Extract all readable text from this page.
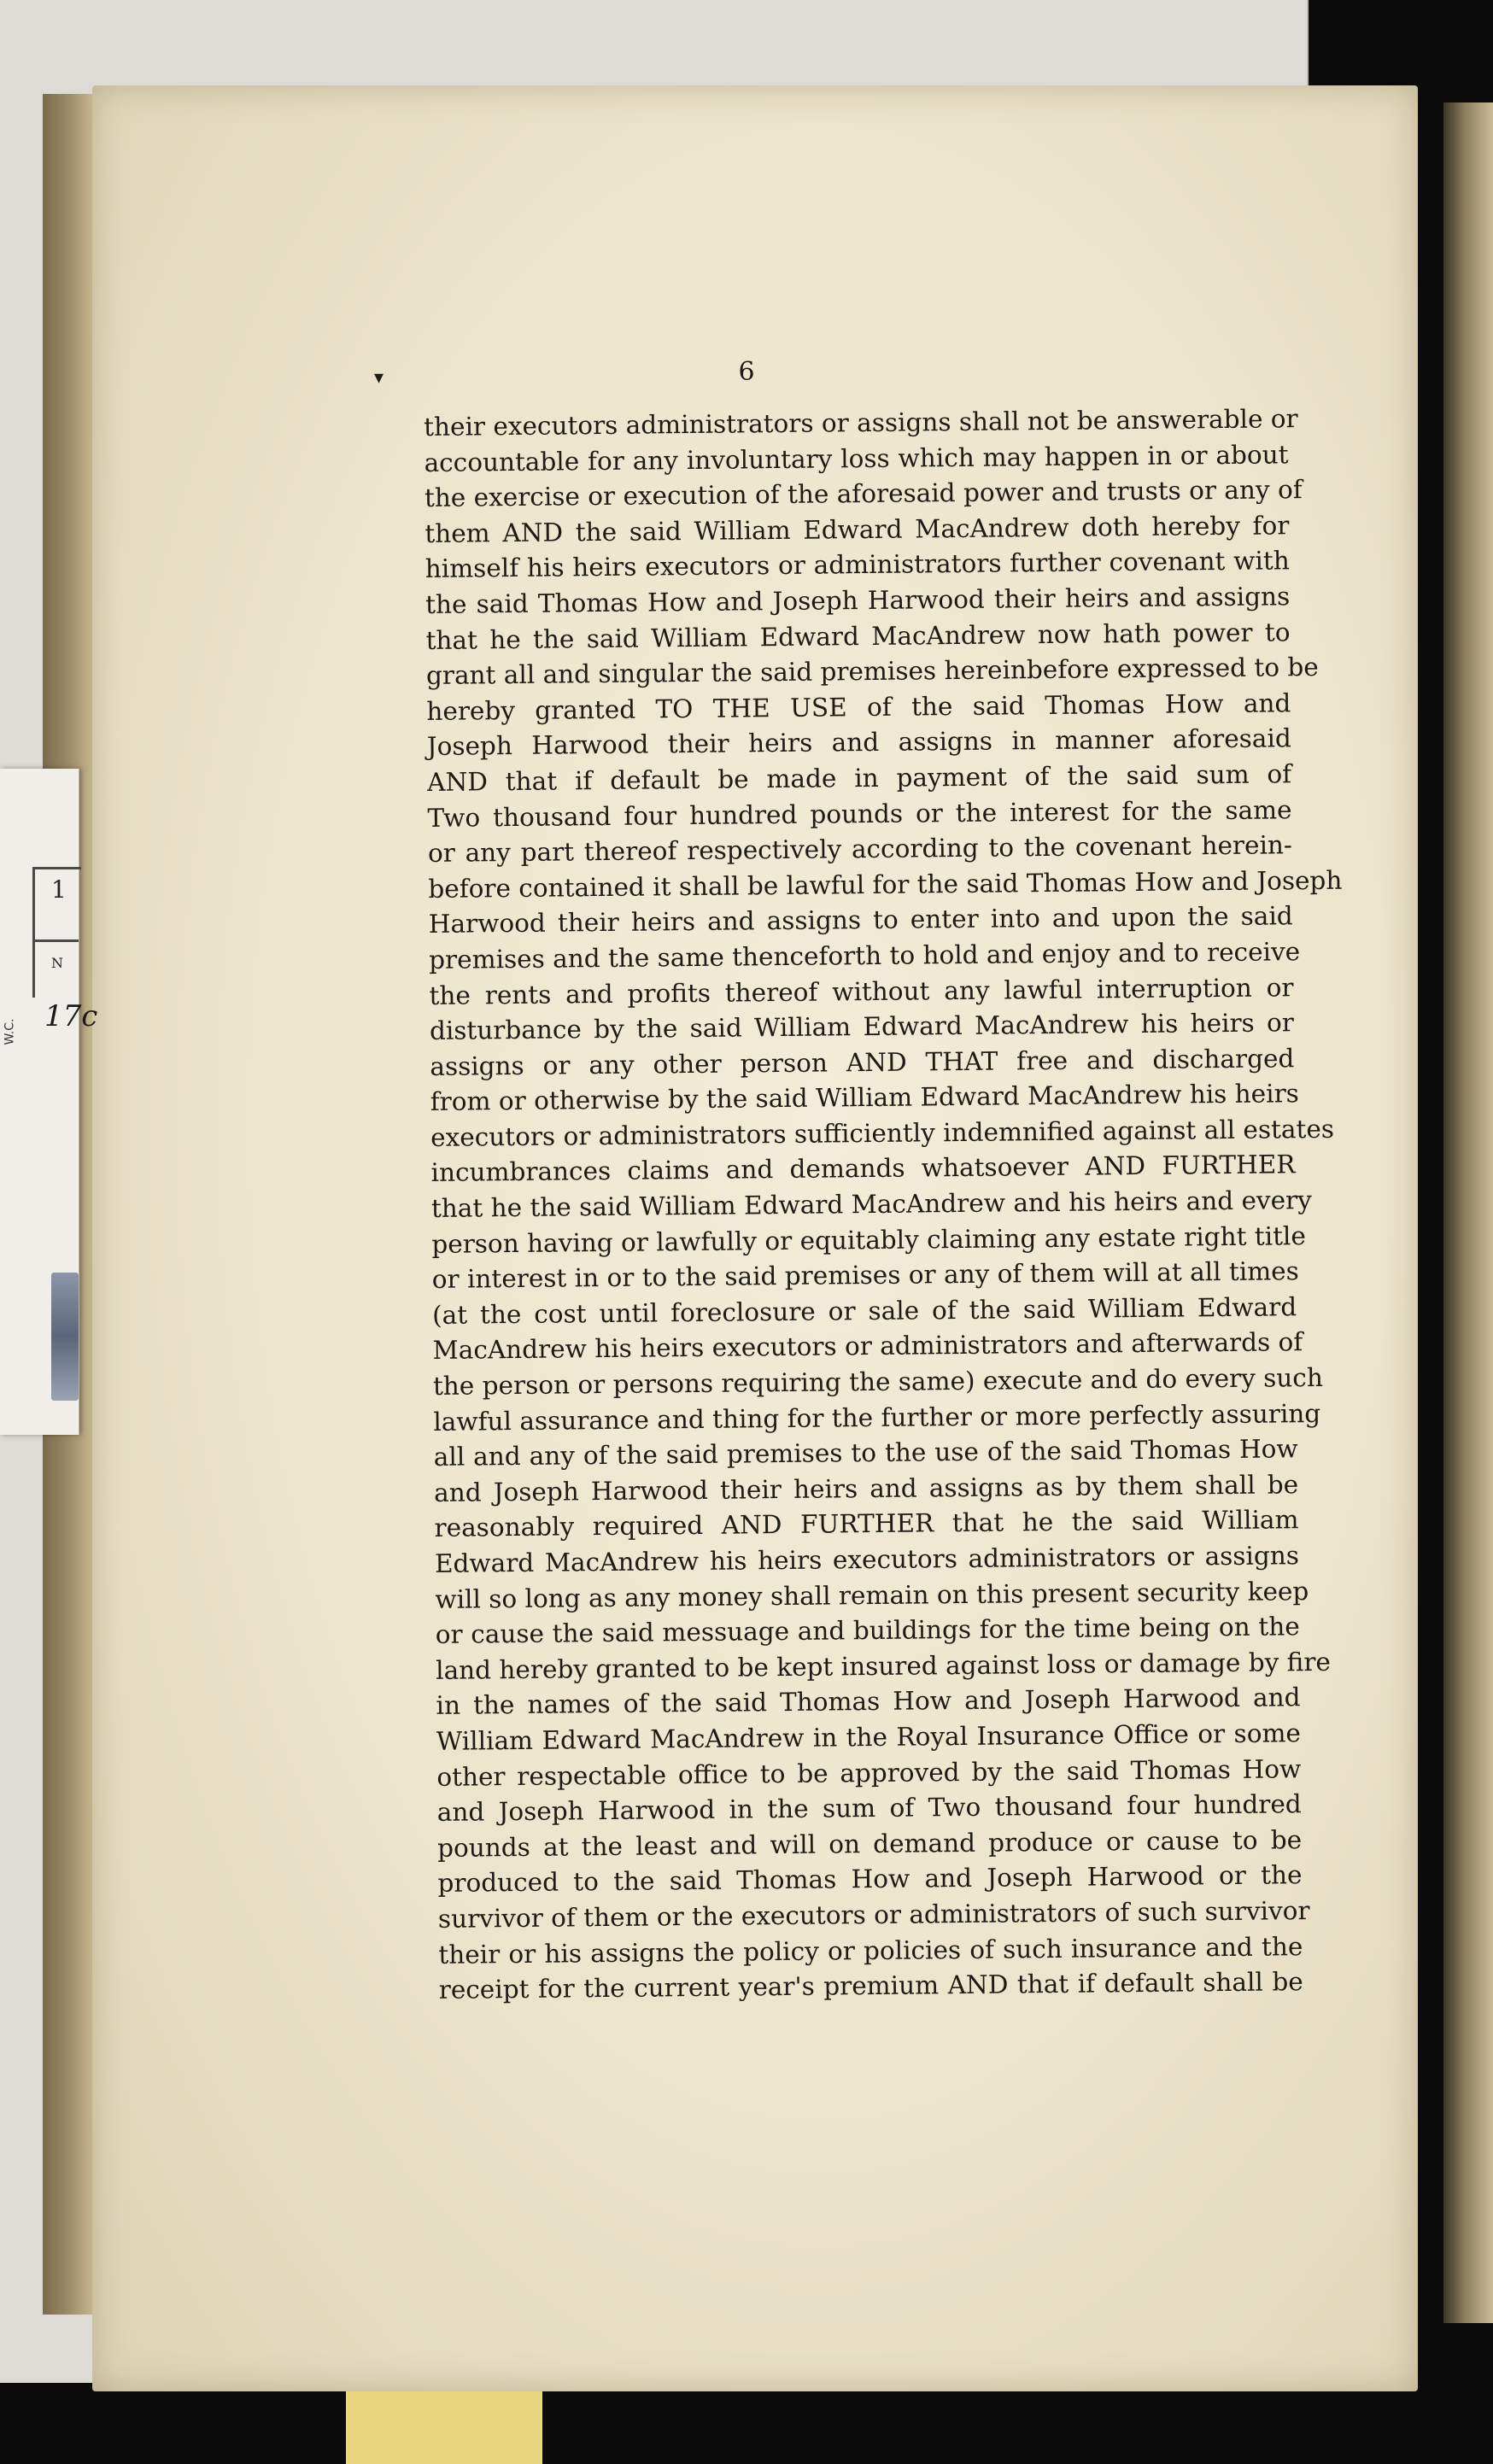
1
N
W.C. 17c
6
▾
their executors administrators or assigns shall not be answerable or
accountable for any involuntary loss which may happen in or about
the exercise or execution of the aforesaid power and trusts or any of
them AND the said William Edward MacAndrew doth hereby for
himself his heirs executors or administrators further covenant with
the said Thomas How and Joseph Harwood their heirs and assigns
that he the said William Edward MacAndrew now hath power to
grant all and singular the said premises hereinbefore expressed to be
hereby granted TO THE USE of the said Thomas How and
Joseph Harwood their heirs and assigns in manner aforesaid
AND that if default be made in payment of the said sum of
Two thousand four hundred pounds or the interest for the same
or any part thereof respectively according to the covenant herein-
before contained it shall be lawful for the said Thomas How and Joseph
Harwood their heirs and assigns to enter into and upon the said
premises and the same thenceforth to hold and enjoy and to receive
the rents and profits thereof without any lawful interruption or
disturbance by the said William Edward MacAndrew his heirs or
assigns or any other person AND THAT free and discharged
from or otherwise by the said William Edward MacAndrew his heirs
executors or administrators sufficiently indemnified against all estates
incumbrances claims and demands whatsoever AND FURTHER
that he the said William Edward MacAndrew and his heirs and every
person having or lawfully or equitably claiming any estate right title
or interest in or to the said premises or any of them will at all times
(at the cost until foreclosure or sale of the said William Edward
MacAndrew his heirs executors or administrators and afterwards of
the person or persons requiring the same) execute and do every such
lawful assurance and thing for the further or more perfectly assuring
all and any of the said premises to the use of the said Thomas How
and Joseph Harwood their heirs and assigns as by them shall be
reasonably required AND FURTHER that he the said William
Edward MacAndrew his heirs executors administrators or assigns
will so long as any money shall remain on this present security keep
or cause the said messuage and buildings for the time being on the
land hereby granted to be kept insured against loss or damage by fire
in the names of the said Thomas How and Joseph Harwood and
William Edward MacAndrew in the Royal Insurance Office or some
other respectable office to be approved by the said Thomas How
and Joseph Harwood in the sum of Two thousand four hundred
pounds at the least and will on demand produce or cause to be
produced to the said Thomas How and Joseph Harwood or the
survivor of them or the executors or administrators of such survivor
their or his assigns the policy or policies of such insurance and the
receipt for the current year's premium AND that if default shall be
